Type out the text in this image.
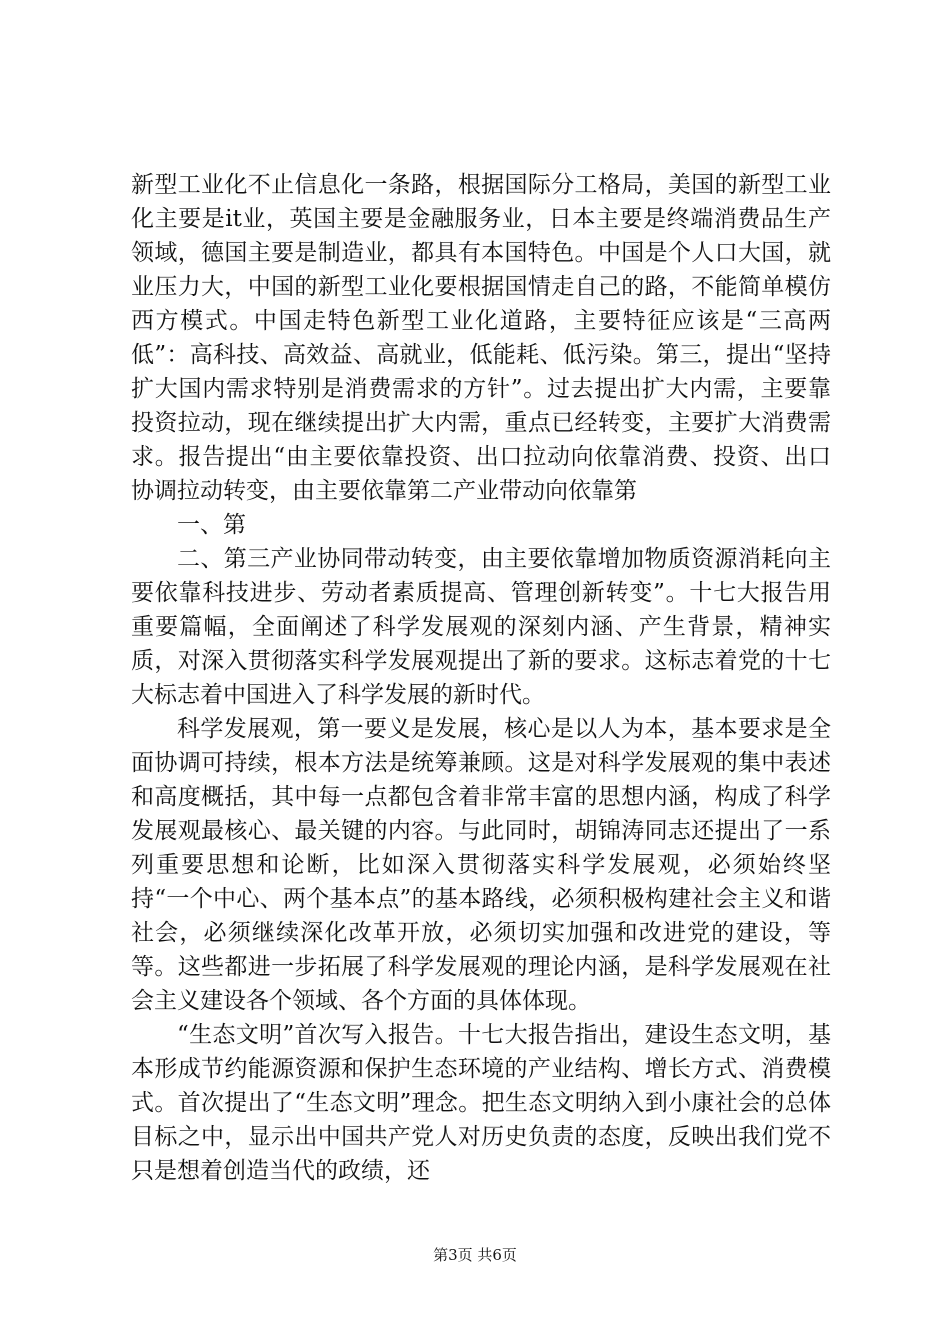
新型工业化不止信息化一条路，根据国际分工格局，美国的新型工业化主要是it业，英国主要是金融服务业，日本主要是终端消费品生产领域，德国主要是制造业，都具有本国特色。中国是个人口大国，就业压力大，中国的新型工业化要根据国情走自己的路，不能简单模仿西方模式。中国走特色新型工业化道路，主要特征应该是“三高两低”：高科技、高效益、高就业，低能耗、低污染。第三，提出“坚持扩大国内需求特别是消费需求的方针”。过去提出扩大内需，主要靠投资拉动，现在继续提出扩大内需，重点已经转变，主要扩大消费需求。报告提出“由主要依靠投资、出口拉动向依靠消费、投资、出口协调拉动转变，由主要依靠第二产业带动向依靠第

一、第

二、第三产业协同带动转变，由主要依靠增加物质资源消耗向主要依靠科技进步、劳动者素质提高、管理创新转变”。十七大报告用重要篇幅，全面阐述了科学发展观的深刻内涵、产生背景，精神实质，对深入贯彻落实科学发展观提出了新的要求。这标志着党的十七大标志着中国进入了科学发展的新时代。

科学发展观，第一要义是发展，核心是以人为本，基本要求是全面协调可持续，根本方法是统筹兼顾。这是对科学发展观的集中表述和高度概括，其中每一点都包含着非常丰富的思想内涵，构成了科学发展观最核心、最关键的内容。与此同时，胡锦涛同志还提出了一系列重要思想和论断，比如深入贯彻落实科学发展观，必须始终坚持“一个中心、两个基本点”的基本路线，必须积极构建社会主义和谐社会，必须继续深化改革开放，必须切实加强和改进党的建设，等等。这些都进一步拓展了科学发展观的理论内涵，是科学发展观在社会主义建设各个领域、各个方面的具体体现。

“生态文明”首次写入报告。十七大报告指出，建设生态文明，基本形成节约能源资源和保护生态环境的产业结构、增长方式、消费模式。首次提出了“生态文明”理念。把生态文明纳入到小康社会的总体目标之中，显示出中国共产党人对历史负责的态度，反映出我们党不只是想着创造当代的政绩，还

第3页 共6页
